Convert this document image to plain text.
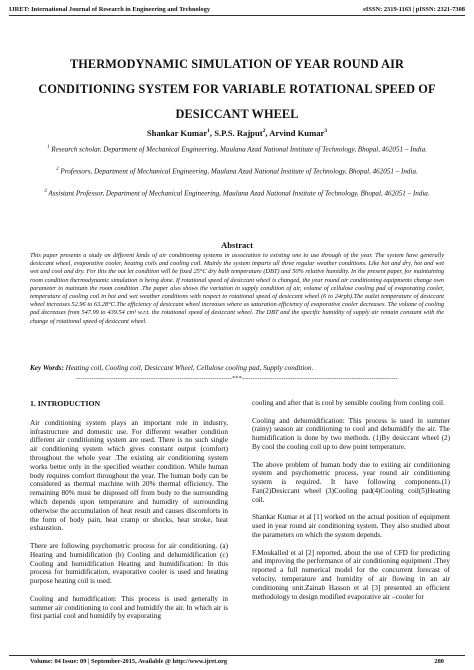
IJRET: International Journal of Research in Engineering and Technology	eISSN: 2319-1163 | pISSN: 2321-7308
THERMODYNAMIC SIMULATION OF YEAR ROUND AIR
CONDITIONING SYSTEM FOR VARIABLE ROTATIONAL SPEED OF
DESICCANT WHEEL
Shankar Kumar$^1$, S.P.S. Rajput$^2$, Arvind Kumar$^3$
$^1$ Research scholar, Department of Mechanical Engineering, Maulana Azad National Institute of Technology, Bhopal, 462051 – India.
$^2$ Professors, Department of Mechanical Engineering, Maulana Azad National Institute of Technology, Bhopal, 462051 – India.
$^3$ Assistant Professor, Department of Mechanical Engineering, Maulana Azad National Institute of Technology, Bhopal, 462051 – India.
Abstract
This paper presents a study on different kinds of air conditioning systems in association to existing one to use through of the year. The system have generally desiccant wheel, evaporative cooler, heating coils and cooling coil. Mainly the system imparts all three regular weather conditions. Like hot and dry, hot and wet wet and cool and dry. For this the out let condition will be fixed 25°C dry bulb temperature (DBT) and 50% relative humidity. In the present paper, for maintaining room condition thermodynamic simulation is being done. If rotational speed of desiccant wheel is changed, the year round air conditioning equipments change own parameter to maintain the room condition .The paper also shows the variation in supply condition of air, volume of cellulose cooling pad of evaporating cooler, temperature of cooling coil in hot and wet weather conditions with respect to rotational speed of desiccant wheel (6 to 24rph).The outlet temperature of desiccant wheel increases 52.96 to 63.28°C.The efficiency of desiccant wheel increases where as saturation efficiency of evaporative cooler decreases. The volume of cooling pad decreases from 547.99 to 439.54 cm³ w.r.t. the rotational speed of desiccant wheel. The DBT and the specific humidity of supply air remain constant with the change of rotational speed of desiccant wheel.
Key Words: Heating coil, Cooling coil, Desiccant Wheel, Cellulose cooling pad, Supply condition.
-----------------------------------------------------------------------***-----------------------------------------------------------------------
1. INTRODUCTION

Air conditioning system plays an important role in industry, infrastructure and domestic use. For different weather condition different air conditioning system are used. There is no such single air conditioning system which gives constant output (comfort) throughout the whole year .The existing air conditioning system works better only in the specified weather condition. While human body requires comfort throughout the year. The human body can be considered as thermal machine with 20% thermal efficiency. The remaining 80% must be disposed off from body to the surrounding which depends upon temperature and humidity of surrounding otherwise the accumulation of heat result and causes discomforts in the form of body pain, heat cramp or shocks, heat stroke, heat exhaustion.

There are following psychometric process for air conditioning. (a) Heating and humidification (b) Cooling and dehumidification (c) Cooling and humidification Heating and humidification: In this process for humidification, evaporative cooler is used and heating purpose heating coil is used.

Cooling and humidification: This process is used generally in summer air conditioning to cool and humidify the air. In which air is first partial cool and humidify by evaporating

cooling and after that is cool by sensible cooling from cooling coil.

Cooling and dehumidification: This process is used in summer (rainy) season air conditioning to cool and dehumidify the air. The humidification is done by two methods. (1)By desiccant wheel (2) By cool the cooling coil up to dew point temperature.

The above problem of human body due to exiting air conditioning system and psychometric process, year round air conditioning system is required. It have following components.(1) Fan(2)Desiccant wheel (3)Cooling pad(4)Cooling coil(5)Heating coil.

Shankar Kumar et al [1] worked on the actual position of equipment used in year round air conditioning system. They also studied about the parameters on which the system depends.

F.Moukalled et al [2] reported, about the use of CFD for predicting and improving the performance of air conditioning equipment .They reported a full numerical model for the concurrent forecast of velocity, temperature and humidity of air flowing in an air conditioning unit.Zainab Hasson et al [3] presented an efficient methodology to design modified evaporative air –cooler for

Volume: 04 Issue: 09 | September-2015, Available @ http://www.ijret.org	280
